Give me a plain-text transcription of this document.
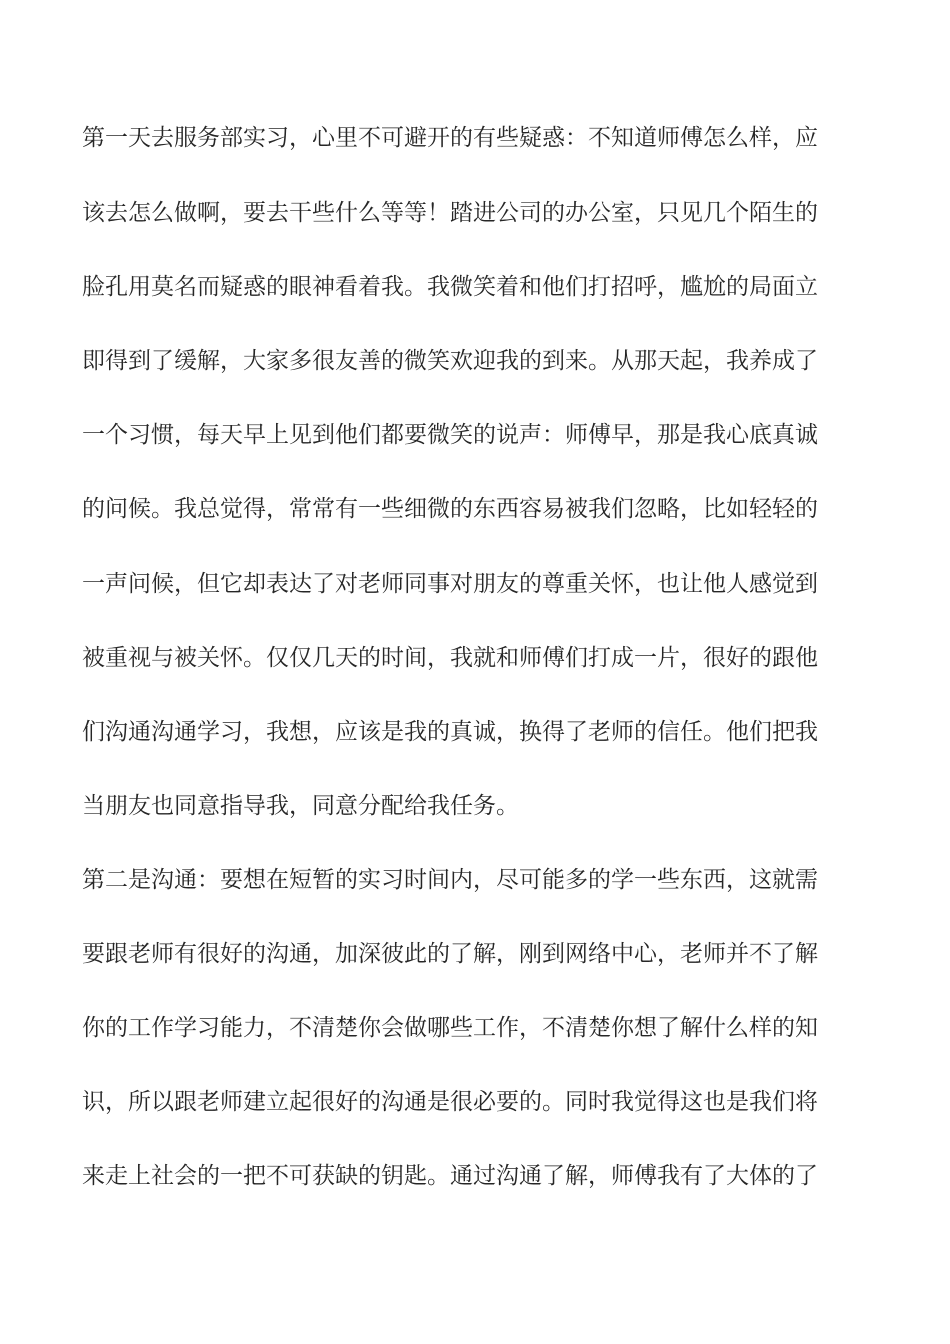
第一天去服务部实习，心里不可避开的有些疑惑：不知道师傅怎么样，应
该去怎么做啊，要去干些什么等等！踏进公司的办公室，只见几个陌生的
脸孔用莫名而疑惑的眼神看着我。我微笑着和他们打招呼，尴尬的局面立
即得到了缓解，大家多很友善的微笑欢迎我的到来。从那天起，我养成了
一个习惯，每天早上见到他们都要微笑的说声：师傅早，那是我心底真诚
的问候。我总觉得，常常有一些细微的东西容易被我们忽略，比如轻轻的
一声问候，但它却表达了对老师同事对朋友的尊重关怀，也让他人感觉到
被重视与被关怀。仅仅几天的时间，我就和师傅们打成一片，很好的跟他
们沟通沟通学习，我想，应该是我的真诚，换得了老师的信任。他们把我
当朋友也同意指导我，同意分配给我任务。
第二是沟通：要想在短暂的实习时间内，尽可能多的学一些东西，这就需
要跟老师有很好的沟通，加深彼此的了解，刚到网络中心，老师并不了解
你的工作学习能力，不清楚你会做哪些工作，不清楚你想了解什么样的知
识，所以跟老师建立起很好的沟通是很必要的。同时我觉得这也是我们将
来走上社会的一把不可获缺的钥匙。通过沟通了解，师傅我有了大体的了
